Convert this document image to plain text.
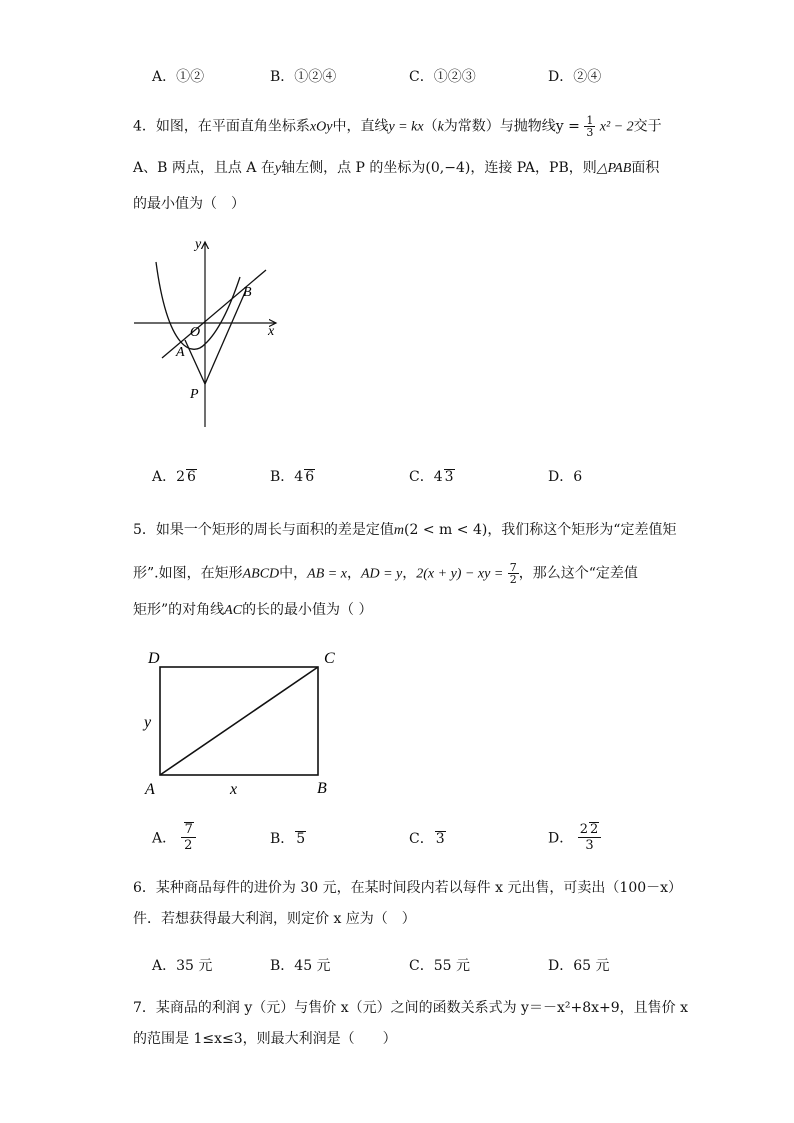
A．①②	B．①②④	C．①②③	D．②④
4．如图，在平面直角坐标系xOy中，直线y = kx（k为常数）与抛物线$y = \frac{1}{3} x^2 - 2$交于
A、B 两点，且点 A 在y轴左侧，点 P 的坐标为(0,−4)，连接 PA，PB，则△PAB面积
的最小值为（　）
y
x
O
A
B
P
A．2 6	B．4 6	C．4 3	D．6
5．如果一个矩形的周长与面积的差是定值m(2 < m < 4)，我们称这个矩形为“定差值矩
形”.如图，在矩形ABCD中，AB = x，AD = y，2(x + y) − xy = $\frac{7}{2}$ ，那么这个“定差值
矩形”的对角线AC的长的最小值为（ ）
D	C
A	B
x
y
A． $\frac{7}{2}$	B． 5	C． 3	D． $\frac{2 2}{3}$
6．某种商品每件的进价为 30 元，在某时间段内若以每件 x 元出售，可卖出（100－x）
件．若想获得最大利润，则定价 x 应为（　）
A．35 元	B．45 元	C．55 元	D．65 元
7．某商品的利润 y（元）与售价 x（元）之间的函数关系式为 y＝－x²+8x+9，且售价 x
的范围是 1≤x≤3，则最大利润是（　　）
